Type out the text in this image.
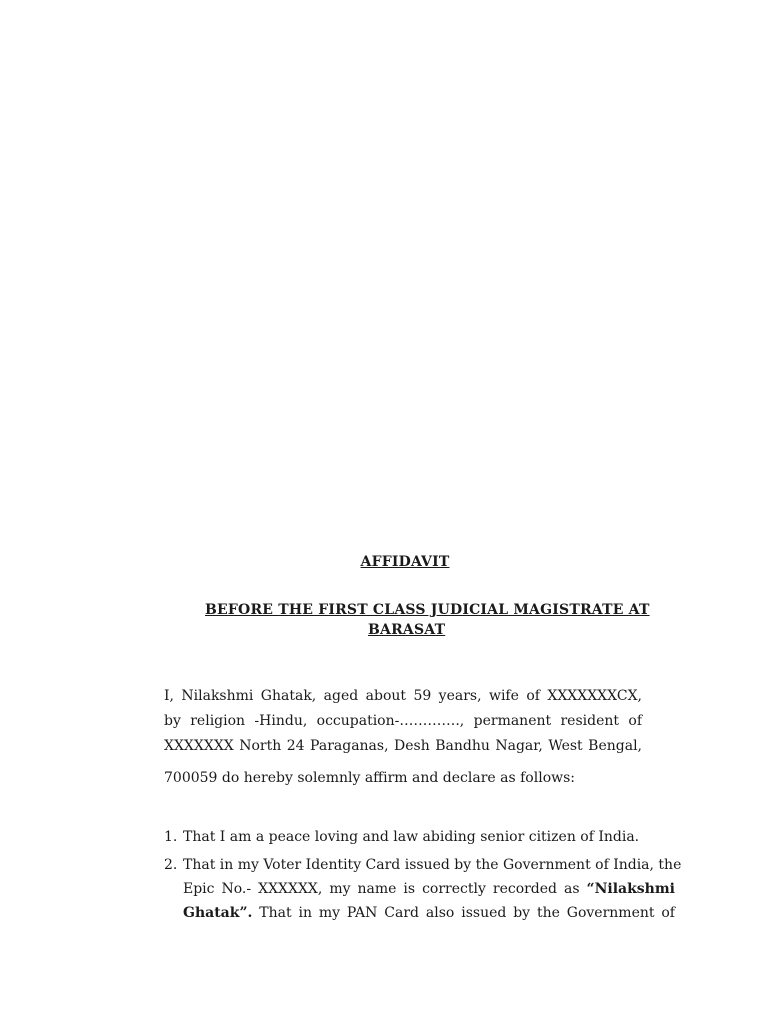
AFFIDAVIT
BEFORE THE FIRST CLASS JUDICIAL MAGISTRATE AT
BARASAT
I, Nilakshmi Ghatak, aged about 59 years, wife of XXXXXXXCX,
by religion -Hindu, occupation-…………., permanent resident of
XXXXXXX North 24 Paraganas, Desh Bandhu Nagar, West Bengal,
700059 do hereby solemnly affirm and declare as follows:
1. That I am a peace loving and law abiding senior citizen of India.
2. That in my Voter Identity Card issued by the Government of India, the
Epic No.- XXXXXX, my name is correctly recorded as “Nilakshmi
Ghatak”. That in my PAN Card also issued by the Government of
